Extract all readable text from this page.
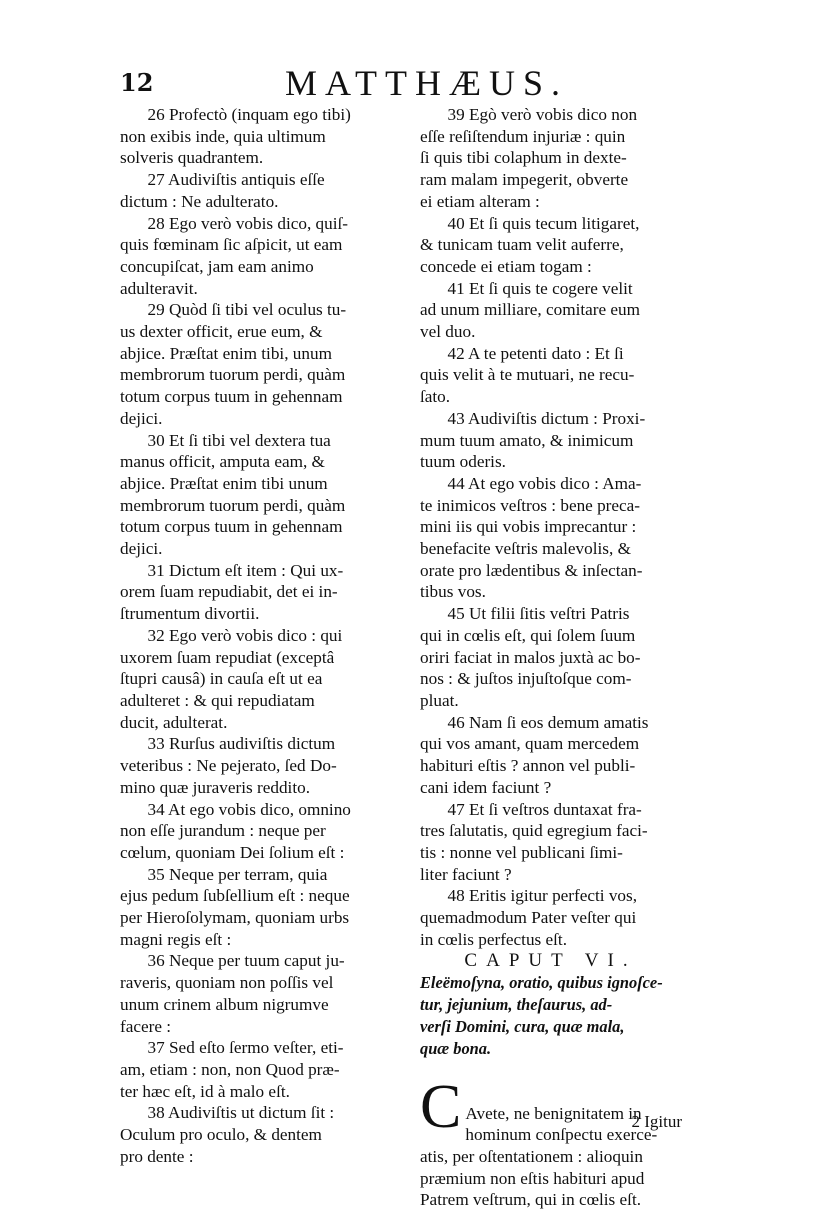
12	MATTHÆUS.

26 Profectò (inquam ego tibi)
non exibis inde, quia ultimum
solveris quadrantem.

27 Audiviſtis antiquis eſſe
dictum : Ne adulterato.

28 Ego verò vobis dico, quiſ-
quis fœminam ſic aſpicit, ut eam
concupiſcat, jam eam animo
adulteravit.

29 Quòd ſi tibi vel oculus tu-
us dexter officit, erue eum, &
abjice. Præſtat enim tibi, unum
membrorum tuorum perdi, quàm
totum corpus tuum in gehennam
dejici.

30 Et ſi tibi vel dextera tua
manus officit, amputa eam, &
abjice. Præſtat enim tibi unum
membrorum tuorum perdi, quàm
totum corpus tuum in gehennam
dejici.

31 Dictum eſt item : Qui ux-
orem ſuam repudiabit, det ei in-
ſtrumentum divortii.

32 Ego verò vobis dico : qui
uxorem ſuam repudiat (exceptâ
ſtupri causâ) in cauſa eſt ut ea
adulteret : & qui repudiatam
ducit, adulterat.

33 Rurſus audiviſtis dictum
veteribus : Ne pejerato, ſed Do-
mino quæ juraveris reddito.

34 At ego vobis dico, omnino
non eſſe jurandum : neque per
cœlum, quoniam Dei ſolium eſt :

35 Neque per terram, quia
ejus pedum ſubſellium eſt : neque
per Hieroſolymam, quoniam urbs
magni regis eſt :

36 Neque per tuum caput ju-
raveris, quoniam non poſſis vel
unum crinem album nigrumve
facere :

37 Sed eſto ſermo veſter, eti-
am, etiam : non, non Quod præ-
ter hæc eſt, id à malo eſt.

38 Audiviſtis ut dictum ſit :
Oculum pro oculo, & dentem
pro dente :

39 Egò verò vobis dico non
eſſe reſiſtendum injuriæ : quin
ſi quis tibi colaphum in dexte-
ram malam impegerit, obverte
ei etiam alteram :

40 Et ſi quis tecum litigaret,
& tunicam tuam velit auferre,
concede ei etiam togam :

41 Et ſi quis te cogere velit
ad unum milliare, comitare eum
vel duo.

42 A te petenti dato : Et ſi
quis velit à te mutuari, ne recu-
ſato.

43 Audiviſtis dictum : Proxi-
mum tuum amato, & inimicum
tuum oderis.

44 At ego vobis dico : Ama-
te inimicos veſtros : bene preca-
mini iis qui vobis imprecantur :
benefacite veſtris malevolis, &
orate pro lædentibus & inſectan-
tibus vos.

45 Ut filii ſitis veſtri Patris
qui in cœlis eſt, qui ſolem ſuum
oriri faciat in malos juxtà ac bo-
nos : & juſtos injuſtoſque com-
pluat.

46 Nam ſi eos demum amatis
qui vos amant, quam mercedem
habituri eſtis ? annon vel publi-
cani idem faciunt ?

47 Et ſi veſtros duntaxat fra-
tres ſalutatis, quid egregium faci-
tis : nonne vel publicani ſimi-
liter faciunt ?

48 Eritis igitur perfecti vos,
quemadmodum Pater veſter qui
in cœlis perfectus eſt.

CAPUT VI.

Eleëmoſyna, oratio, quibus ignoſce-
tur, jejunium, theſaurus, ad-
verſi Domini, cura, quæ mala,
quæ bona.

C Avete, ne benignitatem in
hominum conſpectu exerce-
atis, per oſtentationem : alioquin
præmium non eſtis habituri apud
Patrem veſtrum, qui in cœlis eſt.

2 Igitur
